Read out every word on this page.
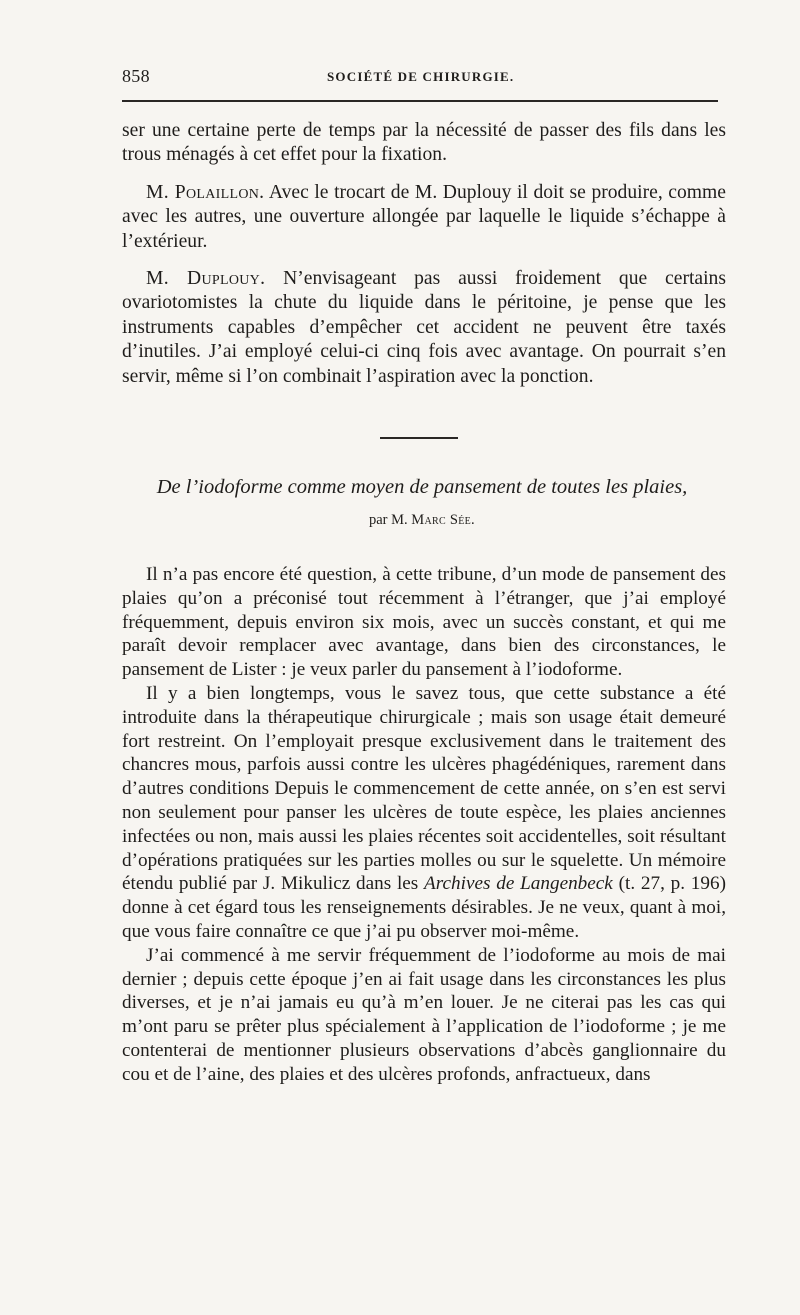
858	SOCIÉTÉ DE CHIRURGIE.

ser une certaine perte de temps par la nécessité de passer des fils dans les trous ménagés à cet effet pour la fixation.

M. Polaillon. Avec le trocart de M. Duplouy il doit se produire, comme avec les autres, une ouverture allongée par laquelle le liquide s’échappe à l’extérieur.

M. Duplouy. N’envisageant pas aussi froidement que certains ovariotomistes la chute du liquide dans le péritoine, je pense que les instruments capables d’empêcher cet accident ne peuvent être taxés d’inutiles. J’ai employé celui-ci cinq fois avec avantage. On pourrait s’en servir, même si l’on combinait l’aspiration avec la ponction.

De l’iodoforme comme moyen de pansement de toutes les plaies,
par M. Marc Sée.

Il n’a pas encore été question, à cette tribune, d’un mode de pansement des plaies qu’on a préconisé tout récemment à l’étranger, que j’ai employé fréquemment, depuis environ six mois, avec un succès constant, et qui me paraît devoir remplacer avec avantage, dans bien des circonstances, le pansement de Lister : je veux parler du pansement à l’iodoforme.

Il y a bien longtemps, vous le savez tous, que cette substance a été introduite dans la thérapeutique chirurgicale ; mais son usage était demeuré fort restreint. On l’employait presque exclusivement dans le traitement des chancres mous, parfois aussi contre les ulcères phagédéniques, rarement dans d’autres conditions Depuis le commencement de cette année, on s’en est servi non seulement pour panser les ulcères de toute espèce, les plaies anciennes infectées ou non, mais aussi les plaies récentes soit accidentelles, soit résultant d’opérations pratiquées sur les parties molles ou sur le squelette. Un mémoire étendu publié par J. Mikulicz dans les Archives de Langenbeck (t. 27, p. 196) donne à cet égard tous les renseignements désirables. Je ne veux, quant à moi, que vous faire connaître ce que j’ai pu observer moi-même.

J’ai commencé à me servir fréquemment de l’iodoforme au mois de mai dernier ; depuis cette époque j’en ai fait usage dans les circonstances les plus diverses, et je n’ai jamais eu qu’à m’en louer. Je ne citerai pas les cas qui m’ont paru se prêter plus spécialement à l’application de l’iodoforme ; je me contenterai de mentionner plusieurs observations d’abcès ganglionnaire du cou et de l’aine, des plaies et des ulcères profonds, anfractueux, dans
